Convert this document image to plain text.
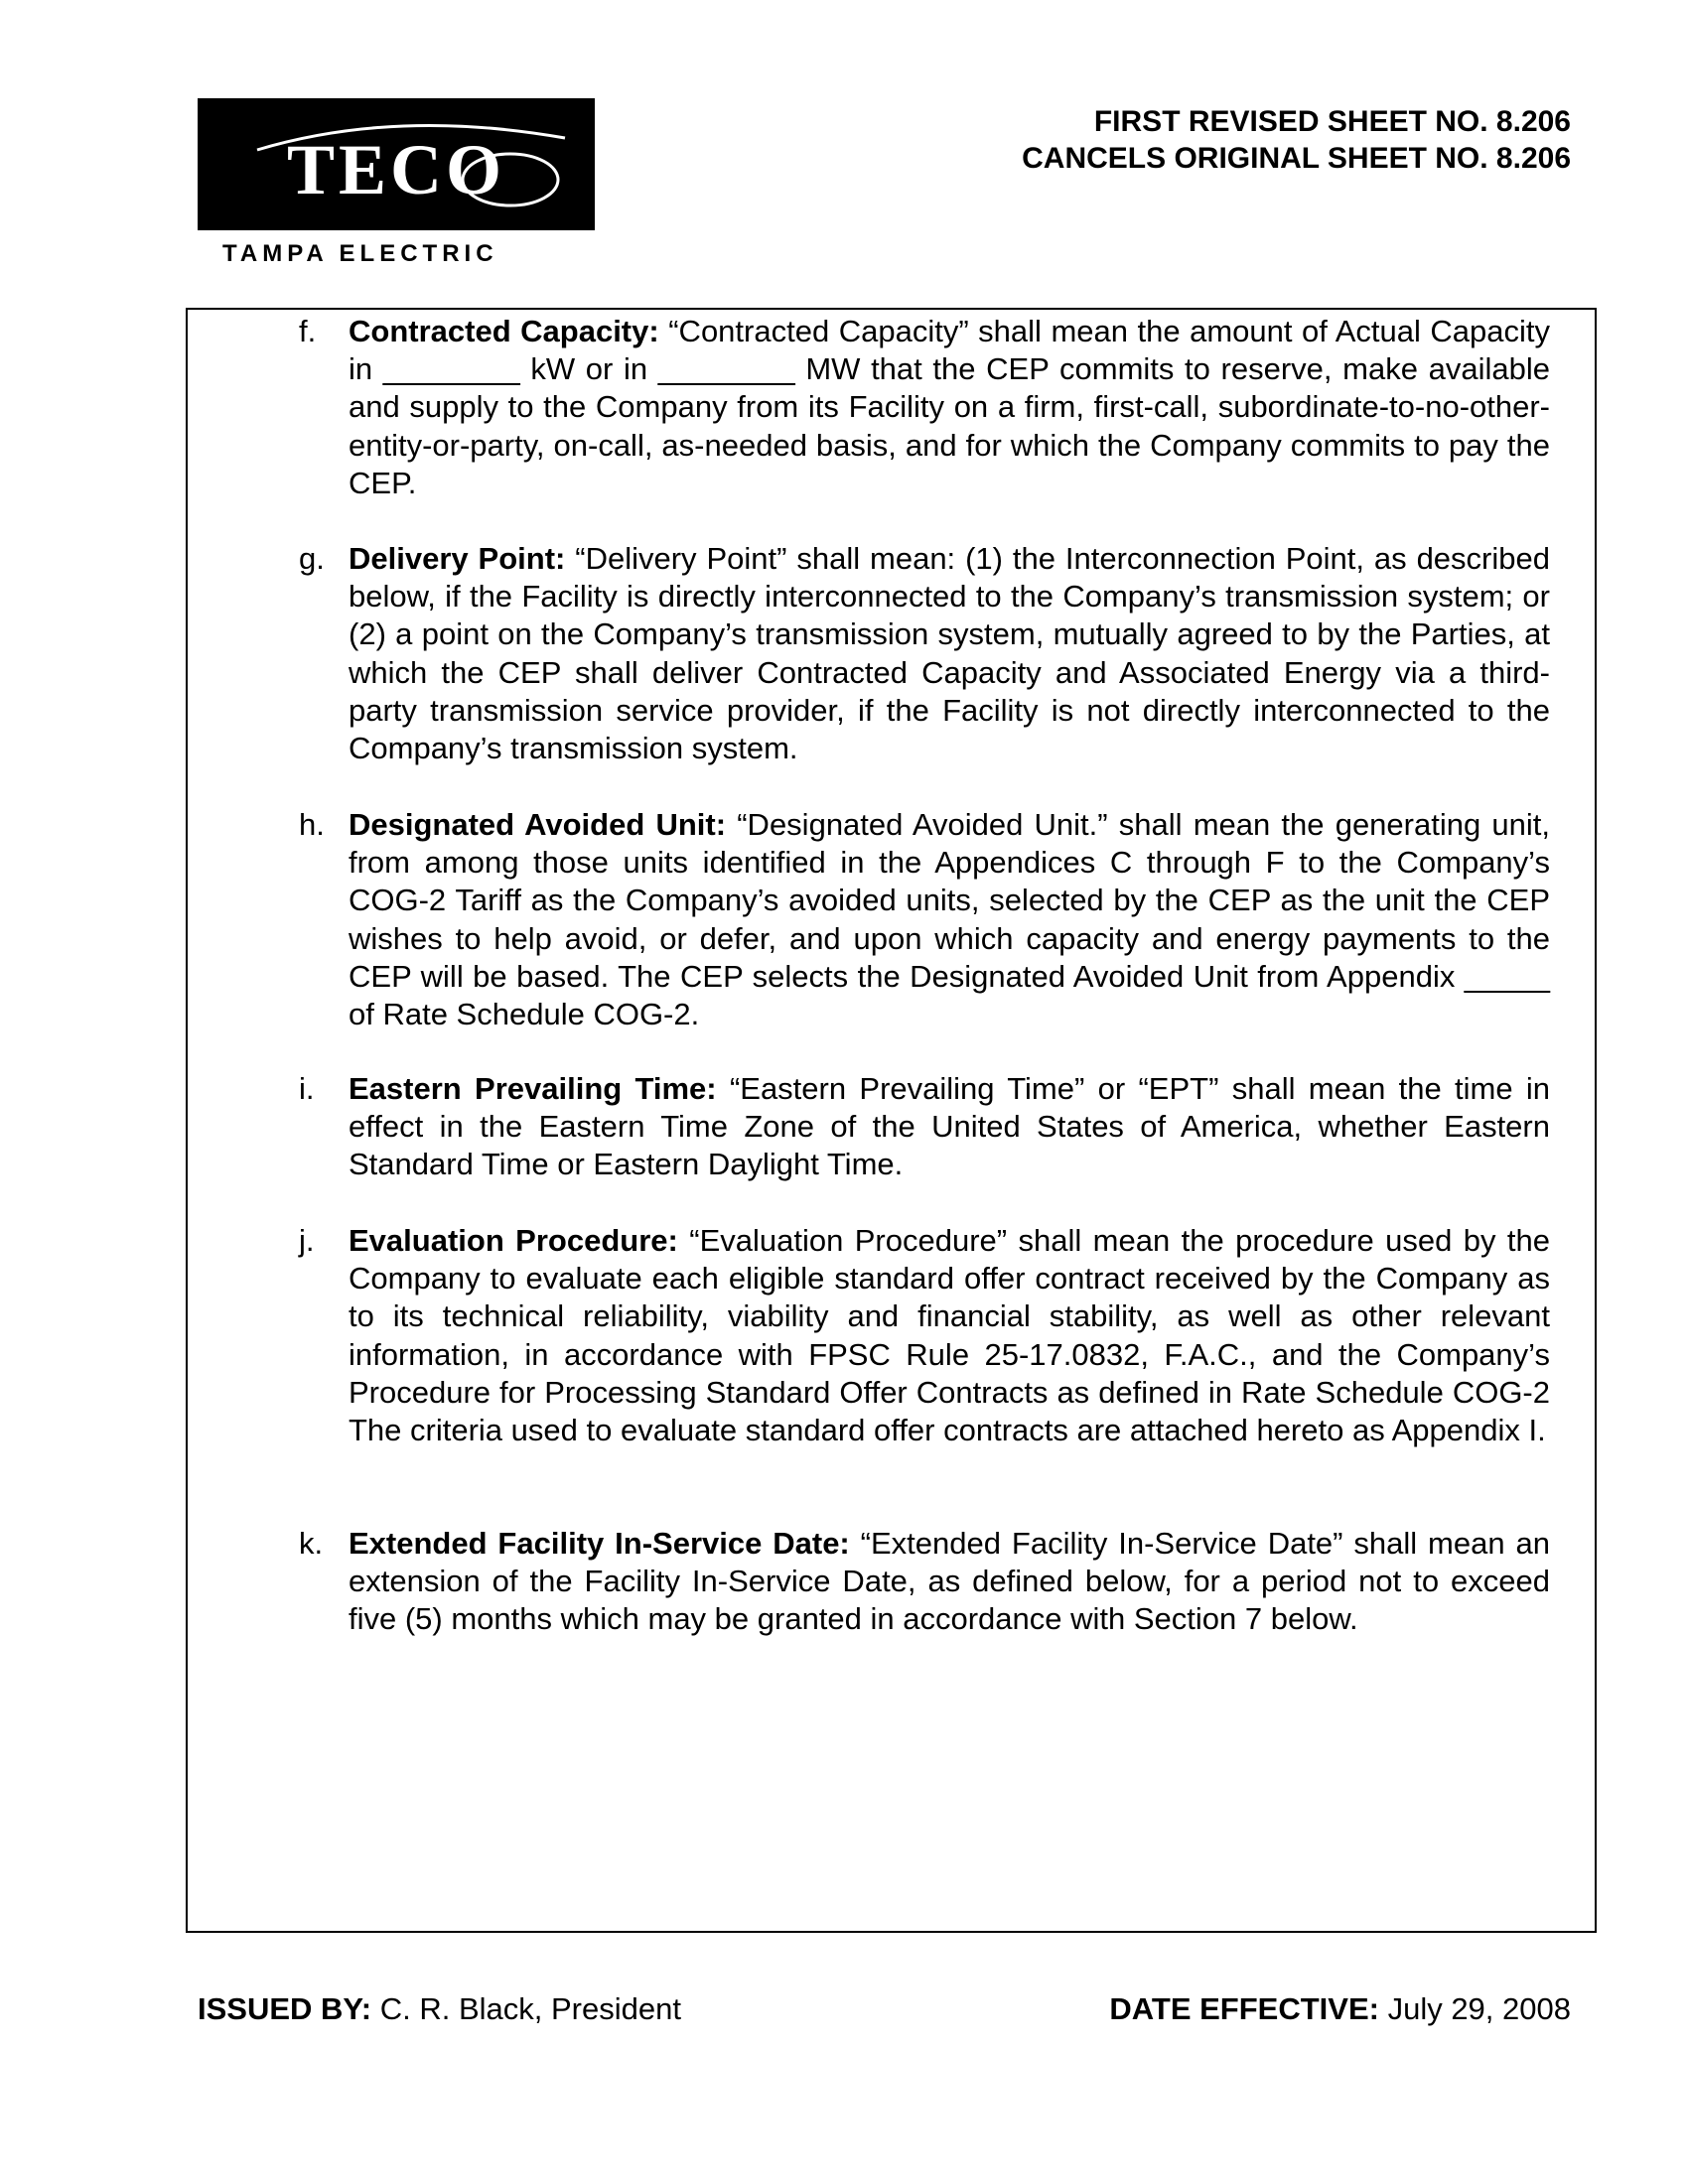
TECO
TAMPA ELECTRIC
FIRST REVISED SHEET NO. 8.206
CANCELS ORIGINAL SHEET NO. 8.206
f.	Contracted Capacity: “Contracted Capacity” shall mean the amount of Actual Capacity in ________ kW or in ________ MW that the CEP commits to reserve, make available and supply to the Company from its Facility on a firm, first-call, subordinate-to-no-other-entity-or-party, on-call, as-needed basis, and for which the Company commits to pay the CEP.
g. Delivery Point: “Delivery Point” shall mean: (1) the Interconnection Point, as described below, if the Facility is directly interconnected to the Company’s transmission system; or (2) a point on the Company’s transmission system, mutually agreed to by the Parties, at which the CEP shall deliver Contracted Capacity and Associated Energy via a third-party transmission service provider, if the Facility is not directly interconnected to the Company’s transmission system.
h. Designated Avoided Unit: “Designated Avoided Unit.” shall mean the generating unit, from among those units identified in the Appendices C through F to the Company’s COG-2 Tariff as the Company’s avoided units, selected by the CEP as the unit the CEP wishes to help avoid, or defer, and upon which capacity and energy payments to the CEP will be based. The CEP selects the Designated Avoided Unit from Appendix _____ of Rate Schedule COG-2.
i.	Eastern Prevailing Time: “Eastern Prevailing Time” or “EPT” shall mean the time in effect in the Eastern Time Zone of the United States of America, whether Eastern Standard Time or Eastern Daylight Time.
j.	Evaluation Procedure: “Evaluation Procedure” shall mean the procedure used by the Company to evaluate each eligible standard offer contract received by the Company as to its technical reliability, viability and financial stability, as well as other relevant information, in accordance with FPSC Rule 25-17.0832, F.A.C., and the Company’s Procedure for Processing Standard Offer Contracts as defined in Rate Schedule COG-2 The criteria used to evaluate standard offer contracts are attached hereto as Appendix I.
k. Extended Facility In-Service Date: “Extended Facility In-Service Date” shall mean an extension of the Facility In-Service Date, as defined below, for a period not to exceed five (5) months which may be granted in accordance with Section 7 below.
ISSUED BY: C. R. Black, President	DATE EFFECTIVE: July 29, 2008
